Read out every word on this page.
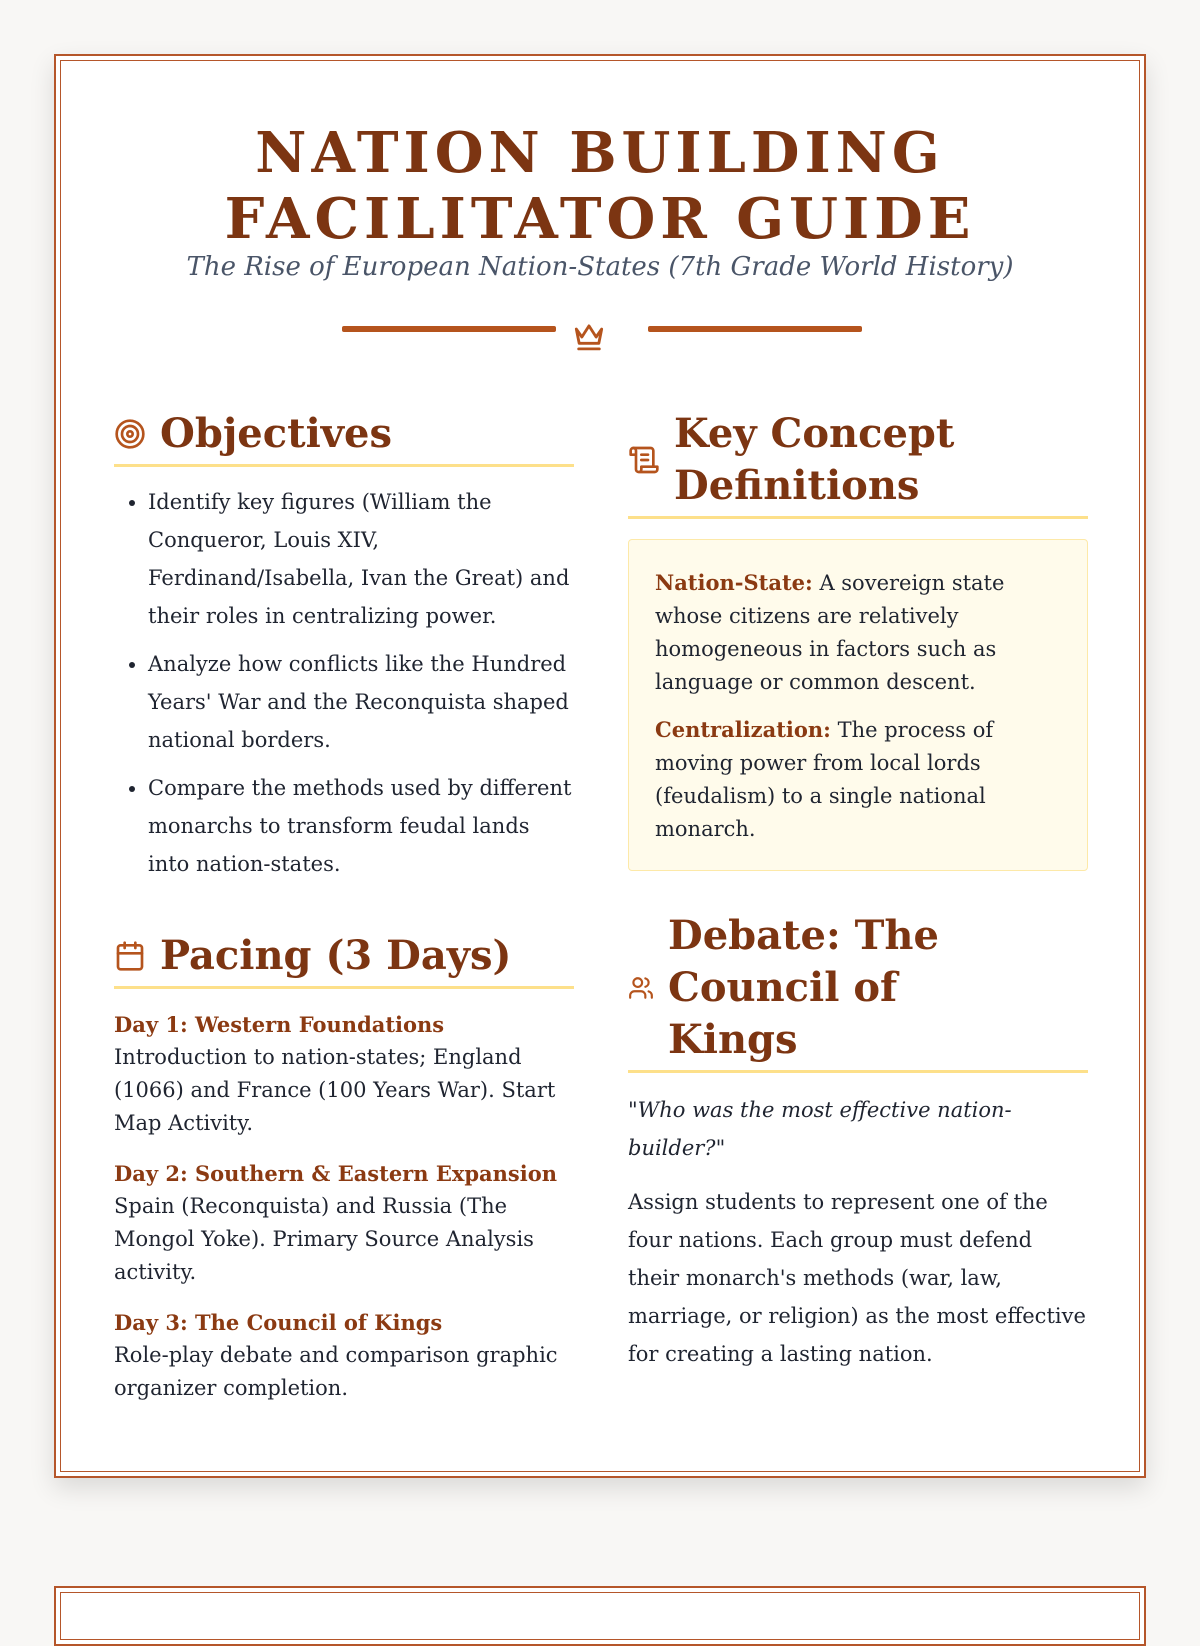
NATION BUILDING
FACILITATOR GUIDE

The Rise of European Nation-States (7th Grade World History)

Objectives
• Identify key figures (William the Conqueror, Louis XIV, Ferdinand/Isabella, Ivan the Great) and their roles in centralizing power.
• Analyze how conflicts like the Hundred Years' War and the Reconquista shaped national borders.
• Compare the methods used by different monarchs to transform feudal lands into nation-states.
Pacing (3 Days)
Day 1: Western Foundations
Introduction to nation-states; England (1066) and France (100 Years War). Start Map Activity.
Day 2: Southern & Eastern Expansion
Spain (Reconquista) and Russia (The Mongol Yoke). Primary Source Analysis activity.
Day 3: The Council of Kings
Role-play debate and comparison graphic organizer completion.
Key Concept
Definitions

Nation-State: A sovereign state whose citizens are relatively homogeneous in factors such as language or common descent.

Centralization: The process of moving power from local lords (feudalism) to a single national monarch.

Debate: The Council of
Kings
"Who was the most effective nation-builder?"
Assign students to represent one of the four nations. Each group must defend their monarch's methods (war, law, marriage, or religion) as the most effective for creating a lasting nation.
